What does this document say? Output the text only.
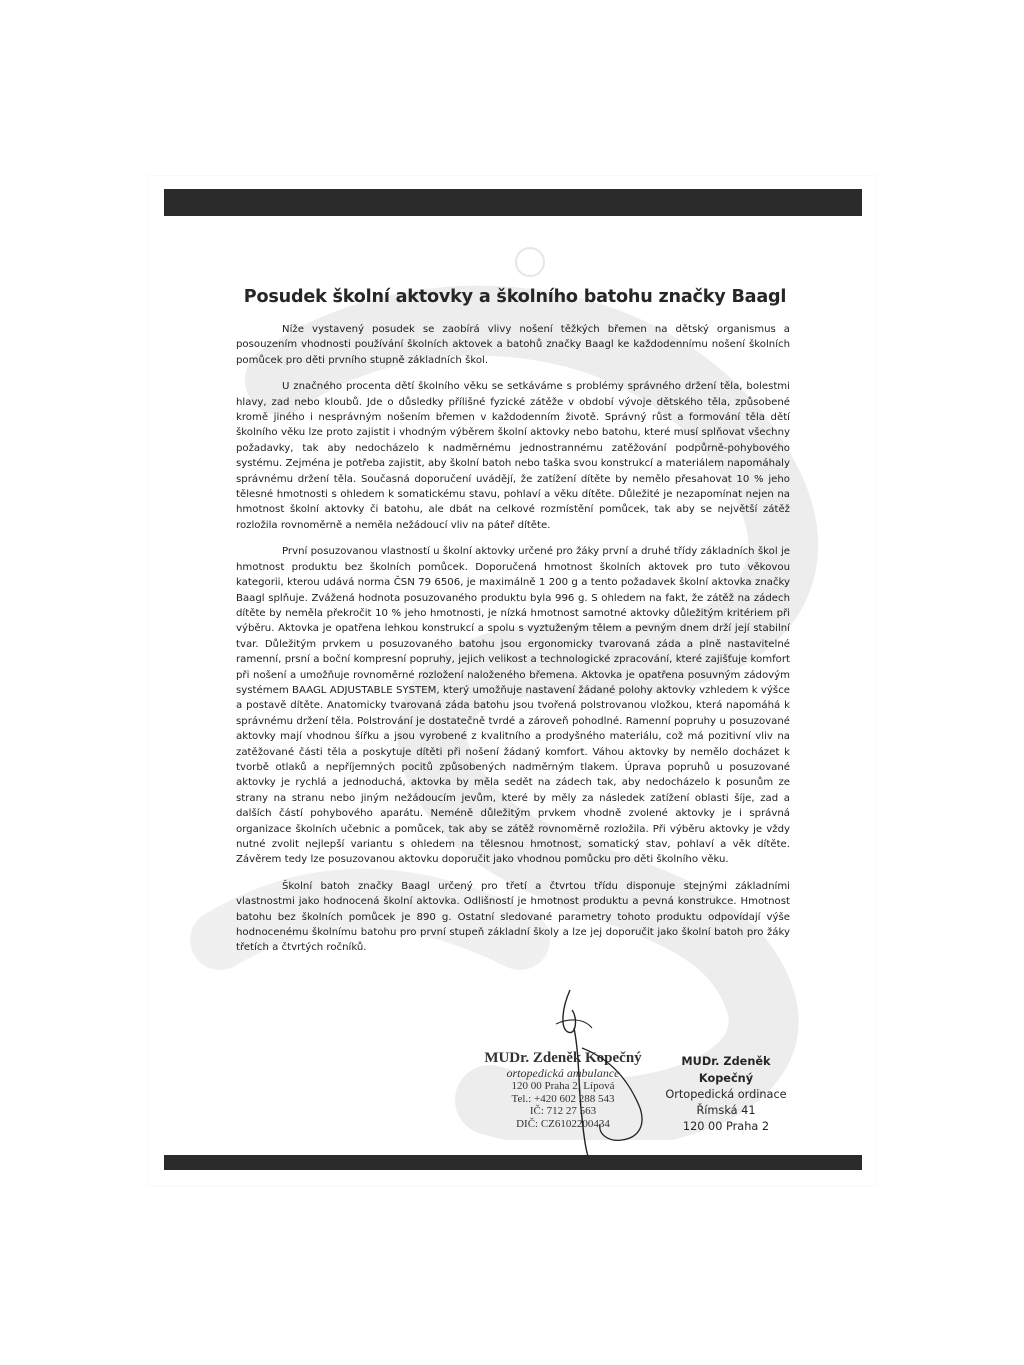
Posudek školní aktovky a školního batohu značky Baagl

Níže vystavený posudek se zaobírá vlivy nošení těžkých břemen na dětský organismus a posouzením vhodnosti používání školních aktovek a batohů značky Baagl ke každodennímu nošení školních pomůcek pro děti prvního stupně základních škol.

U značného procenta dětí školního věku se setkáváme s problémy správného držení těla, bolestmi hlavy, zad nebo kloubů. Jde o důsledky přílišné fyzické zátěže v období vývoje dětského těla, způsobené kromě jiného i nesprávným nošením břemen v každodenním životě. Správný růst a formování těla dětí školního věku lze proto zajistit i vhodným výběrem školní aktovky nebo batohu, které musí splňovat všechny požadavky, tak aby nedocházelo k nadměrnému jednostrannému zatěžování podpůrně-pohybového systému. Zejména je potřeba zajistit, aby školní batoh nebo taška svou konstrukcí a materiálem napomáhaly správnému držení těla. Současná doporučení uvádějí, že zatížení dítěte by nemělo přesahovat 10 % jeho tělesné hmotnosti s ohledem k somatickému stavu, pohlaví a věku dítěte. Důležité je nezapomínat nejen na hmotnost školní aktovky či batohu, ale dbát na celkové rozmístění pomůcek, tak aby se největší zátěž rozložila rovnoměrně a neměla nežádoucí vliv na páteř dítěte.

První posuzovanou vlastností u školní aktovky určené pro žáky první a druhé třídy základních škol je hmotnost produktu bez školních pomůcek. Doporučená hmotnost školních aktovek pro tuto věkovou kategorii, kterou udává norma ČSN 79 6506, je maximálně 1 200 g a tento požadavek školní aktovka značky Baagl splňuje. Zvážená hodnota posuzovaného produktu byla 996 g. S ohledem na fakt, že zátěž na zádech dítěte by neměla překročit 10 % jeho hmotnosti, je nízká hmotnost samotné aktovky důležitým kritériem při výběru. Aktovka je opatřena lehkou konstrukcí a spolu s vyztuženým tělem a pevným dnem drží její stabilní tvar. Důležitým prvkem u posuzovaného batohu jsou ergonomicky tvarovaná záda a plně nastavitelné ramenní, prsní a boční kompresní popruhy, jejich velikost a technologické zpracování, které zajišťuje komfort při nošení a umožňuje rovnoměrné rozložení naloženého břemena. Aktovka je opatřena posuvným zádovým systémem BAAGL ADJUSTABLE SYSTEM, který umožňuje nastavení žádané polohy aktovky vzhledem k výšce a postavě dítěte. Anatomicky tvarovaná záda batohu jsou tvořená polstrovanou vložkou, která napomáhá k správnému držení těla. Polstrování je dostatečně tvrdé a zároveň pohodlné. Ramenní popruhy u posuzované aktovky mají vhodnou šířku a jsou vyrobené z kvalitního a prodyšného materiálu, což má pozitivní vliv na zatěžované části těla a poskytuje dítěti při nošení žádaný komfort. Váhou aktovky by nemělo docházet k tvorbě otlaků a nepříjemných pocitů způsobených nadměrným tlakem. Úprava popruhů u posuzované aktovky je rychlá a jednoduchá, aktovka by měla sedět na zádech tak, aby nedocházelo k posunům ze strany na stranu nebo jiným nežádoucím jevům, které by měly za následek zatížení oblasti šíje, zad a dalších částí pohybového aparátu. Neméně důležitým prvkem vhodně zvolené aktovky je i správná organizace školních učebnic a pomůcek, tak aby se zátěž rovnoměrně rozložila. Při výběru aktovky je vždy nutné zvolit nejlepší variantu s ohledem na tělesnou hmotnost, somatický stav, pohlaví a věk dítěte. Závěrem tedy lze posuzovanou aktovku doporučit jako vhodnou pomůcku pro děti školního věku.

Školní batoh značky Baagl určený pro třetí a čtvrtou třídu disponuje stejnými základními vlastnostmi jako hodnocená školní aktovka. Odlišností je hmotnost produktu a pevná konstrukce. Hmotnost batohu bez školních pomůcek je 890 g. Ostatní sledované parametry tohoto produktu odpovídají výše hodnocenému školnímu batohu pro první stupeň základní školy a lze jej doporučit jako školní batoh pro žáky třetích a čtvrtých ročníků.

MUDr. Zdeněk Kopečný
ortopedická ambulance
120 00 Praha 2, Lípová
Tel.: +420 602 288 543
IČ: 712 27 563
DIČ: CZ6102200434
MUDr. Zdeněk Kopečný
Ortopedická ordinace
Římská 41
120 00 Praha 2
